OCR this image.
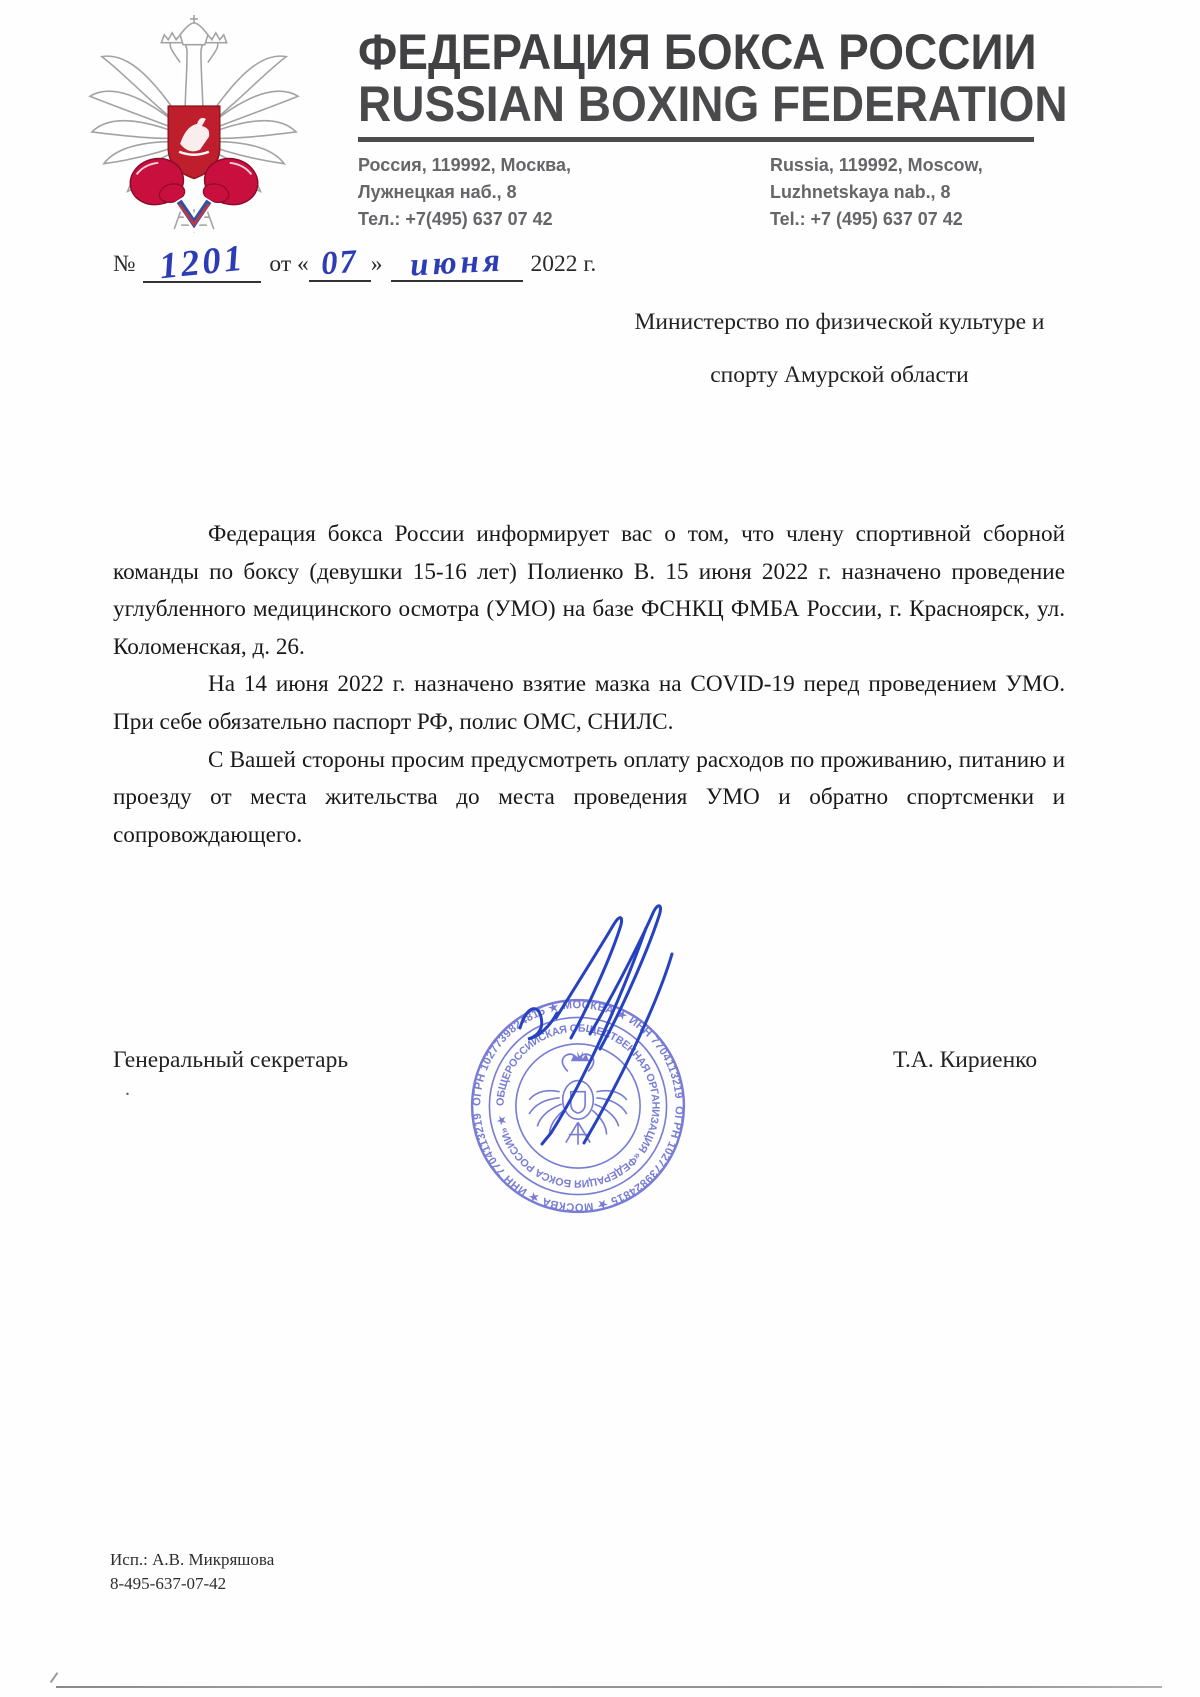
ФЕДЕРАЦИЯ БОКСА РОССИИ
RUSSIAN BOXING FEDERATION
Россия, 119992, Москва,
Лужнецкая наб., 8
Тел.: +7(495) 637 07 42
Russia, 119992, Moscow,
Luzhnetskaya nab., 8
Tel.: +7 (495) 637 07 42
№ 1201 от « 07 » июня	2022 г.
Министерство по физической культуре и
спорту Амурской области

Федерация бокса России информирует вас о том, что члену спортивной сборной команды по боксу (девушки 15-16 лет) Полиенко В. 15 июня 2022 г. назначено проведение углубленного медицинского осмотра (УМО) на базе ФСНКЦ ФМБА России, г. Красноярск, ул. Коломенская, д. 26.

На 14 июня 2022 г. назначено взятие мазка на COVID-19 перед проведением УМО. При себе обязательно паспорт РФ, полис ОМС, СНИЛС.

С Вашей стороны просим предусмотреть оплату расходов по проживанию, питанию и проезду от места жительства до места проведения УМО и обратно спортсменки и сопровождающего.

Генеральный секретарь	Т.А. Кириенко
ОГРН 1027739824815 ★ МОСКВА ★ ИНН 7704113219
ОГРН 1027739824815 ★ МОСКВА ★ ИНН 7704113219
ОБЩЕРОССИЙСКАЯ ОБЩЕСТВЕННАЯ ОРГАНИЗАЦИЯ «ФЕДЕРАЦИЯ БОКСА РОССИИ» ★
.
Исп.: А.В. Микряшова
8-495-637-07-42
